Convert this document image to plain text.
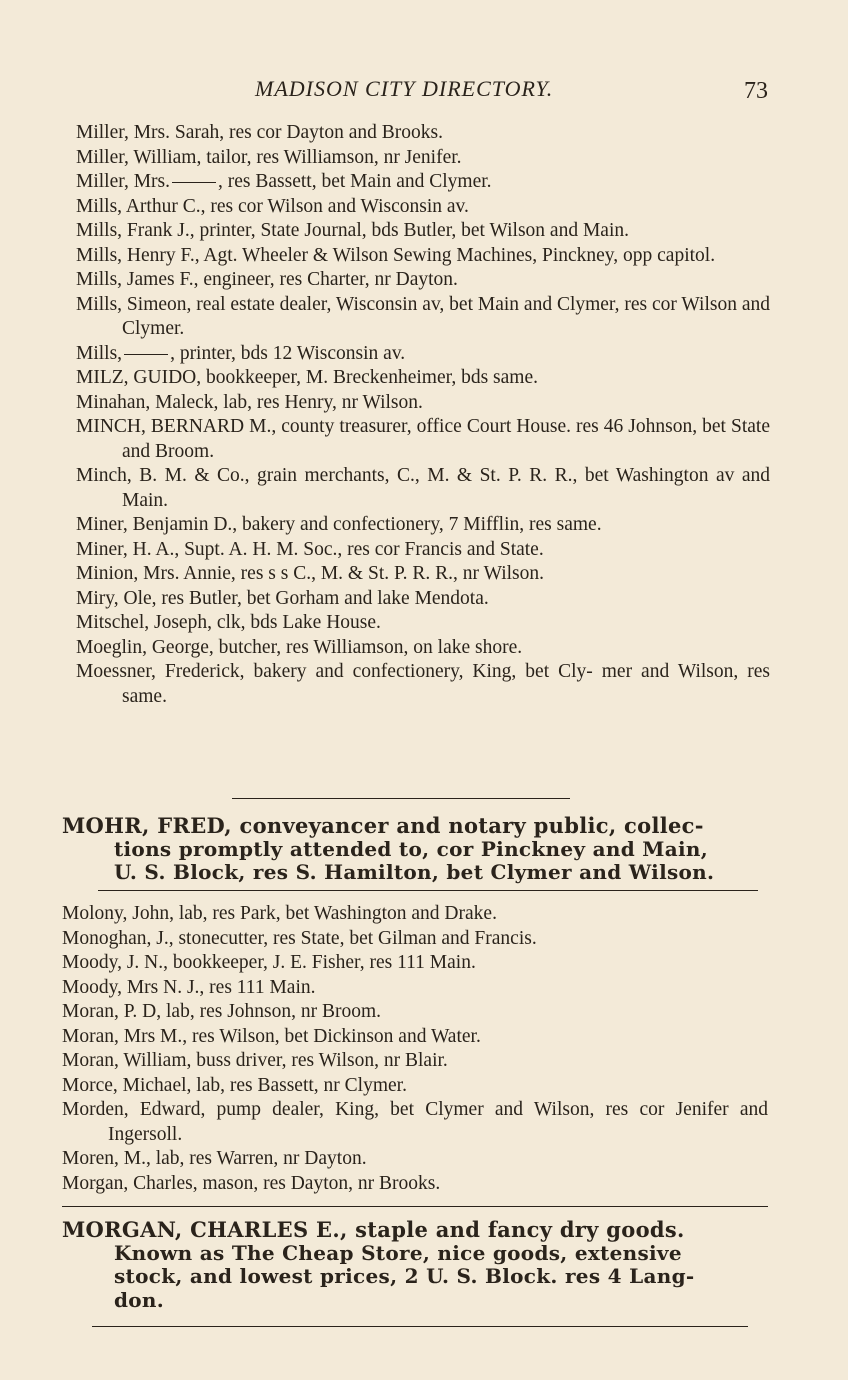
MADISON CITY DIRECTORY.	73

Miller, Mrs. Sarah, res cor Dayton and Brooks.

Miller, William, tailor, res Williamson, nr Jenifer.

Miller, Mrs. , res Bassett, bet Main and Clymer.

Mills, Arthur C., res cor Wilson and Wisconsin av.

Mills, Frank J., printer, State Journal, bds Butler, bet Wilson and Main.

Mills, Henry F., Agt. Wheeler & Wilson Sewing Machines, Pinckney, opp capitol.

Mills, James F., engineer, res Charter, nr Dayton.

Mills, Simeon, real estate dealer, Wisconsin av, bet Main and Clymer, res cor Wilson and Clymer.

Mills, , printer, bds 12 Wisconsin av.

MILZ, GUIDO, bookkeeper, M. Breckenheimer, bds same.

Minahan, Maleck, lab, res Henry, nr Wilson.

MINCH, BERNARD M., county treasurer, office Court House. res 46 Johnson, bet State and Broom.

Minch, B. M. & Co., grain merchants, C., M. & St. P. R. R., bet Washington av and Main.

Miner, Benjamin D., bakery and confectionery, 7 Mifflin, res same.

Miner, H. A., Supt. A. H. M. Soc., res cor Francis and State.

Minion, Mrs. Annie, res s s C., M. & St. P. R. R., nr Wilson.

Miry, Ole, res Butler, bet Gorham and lake Mendota.

Mitschel, Joseph, clk, bds Lake House.

Moeglin, George, butcher, res Williamson, on lake shore.

Moessner, Frederick, bakery and confectionery, King, bet Cly- mer and Wilson, res same.

MOHR, FRED, conveyancer and notary public, collec-
tions promptly attended to, cor Pinckney and Main,
U. S. Block, res S. Hamilton, bet Clymer and Wilson.

Molony, John, lab, res Park, bet Washington and Drake.

Monoghan, J., stonecutter, res State, bet Gilman and Francis.

Moody, J. N., bookkeeper, J. E. Fisher, res 111 Main.

Moody, Mrs N. J., res 111 Main.

Moran, P. D, lab, res Johnson, nr Broom.

Moran, Mrs M., res Wilson, bet Dickinson and Water.

Moran, William, buss driver, res Wilson, nr Blair.

Morce, Michael, lab, res Bassett, nr Clymer.

Morden, Edward, pump dealer, King, bet Clymer and Wilson, res cor Jenifer and Ingersoll.

Moren, M., lab, res Warren, nr Dayton.

Morgan, Charles, mason, res Dayton, nr Brooks.

MORGAN, CHARLES E., staple and fancy dry goods.
Known as The Cheap Store, nice goods, extensive
stock, and lowest prices, 2 U. S. Block. res 4 Lang-
don.
